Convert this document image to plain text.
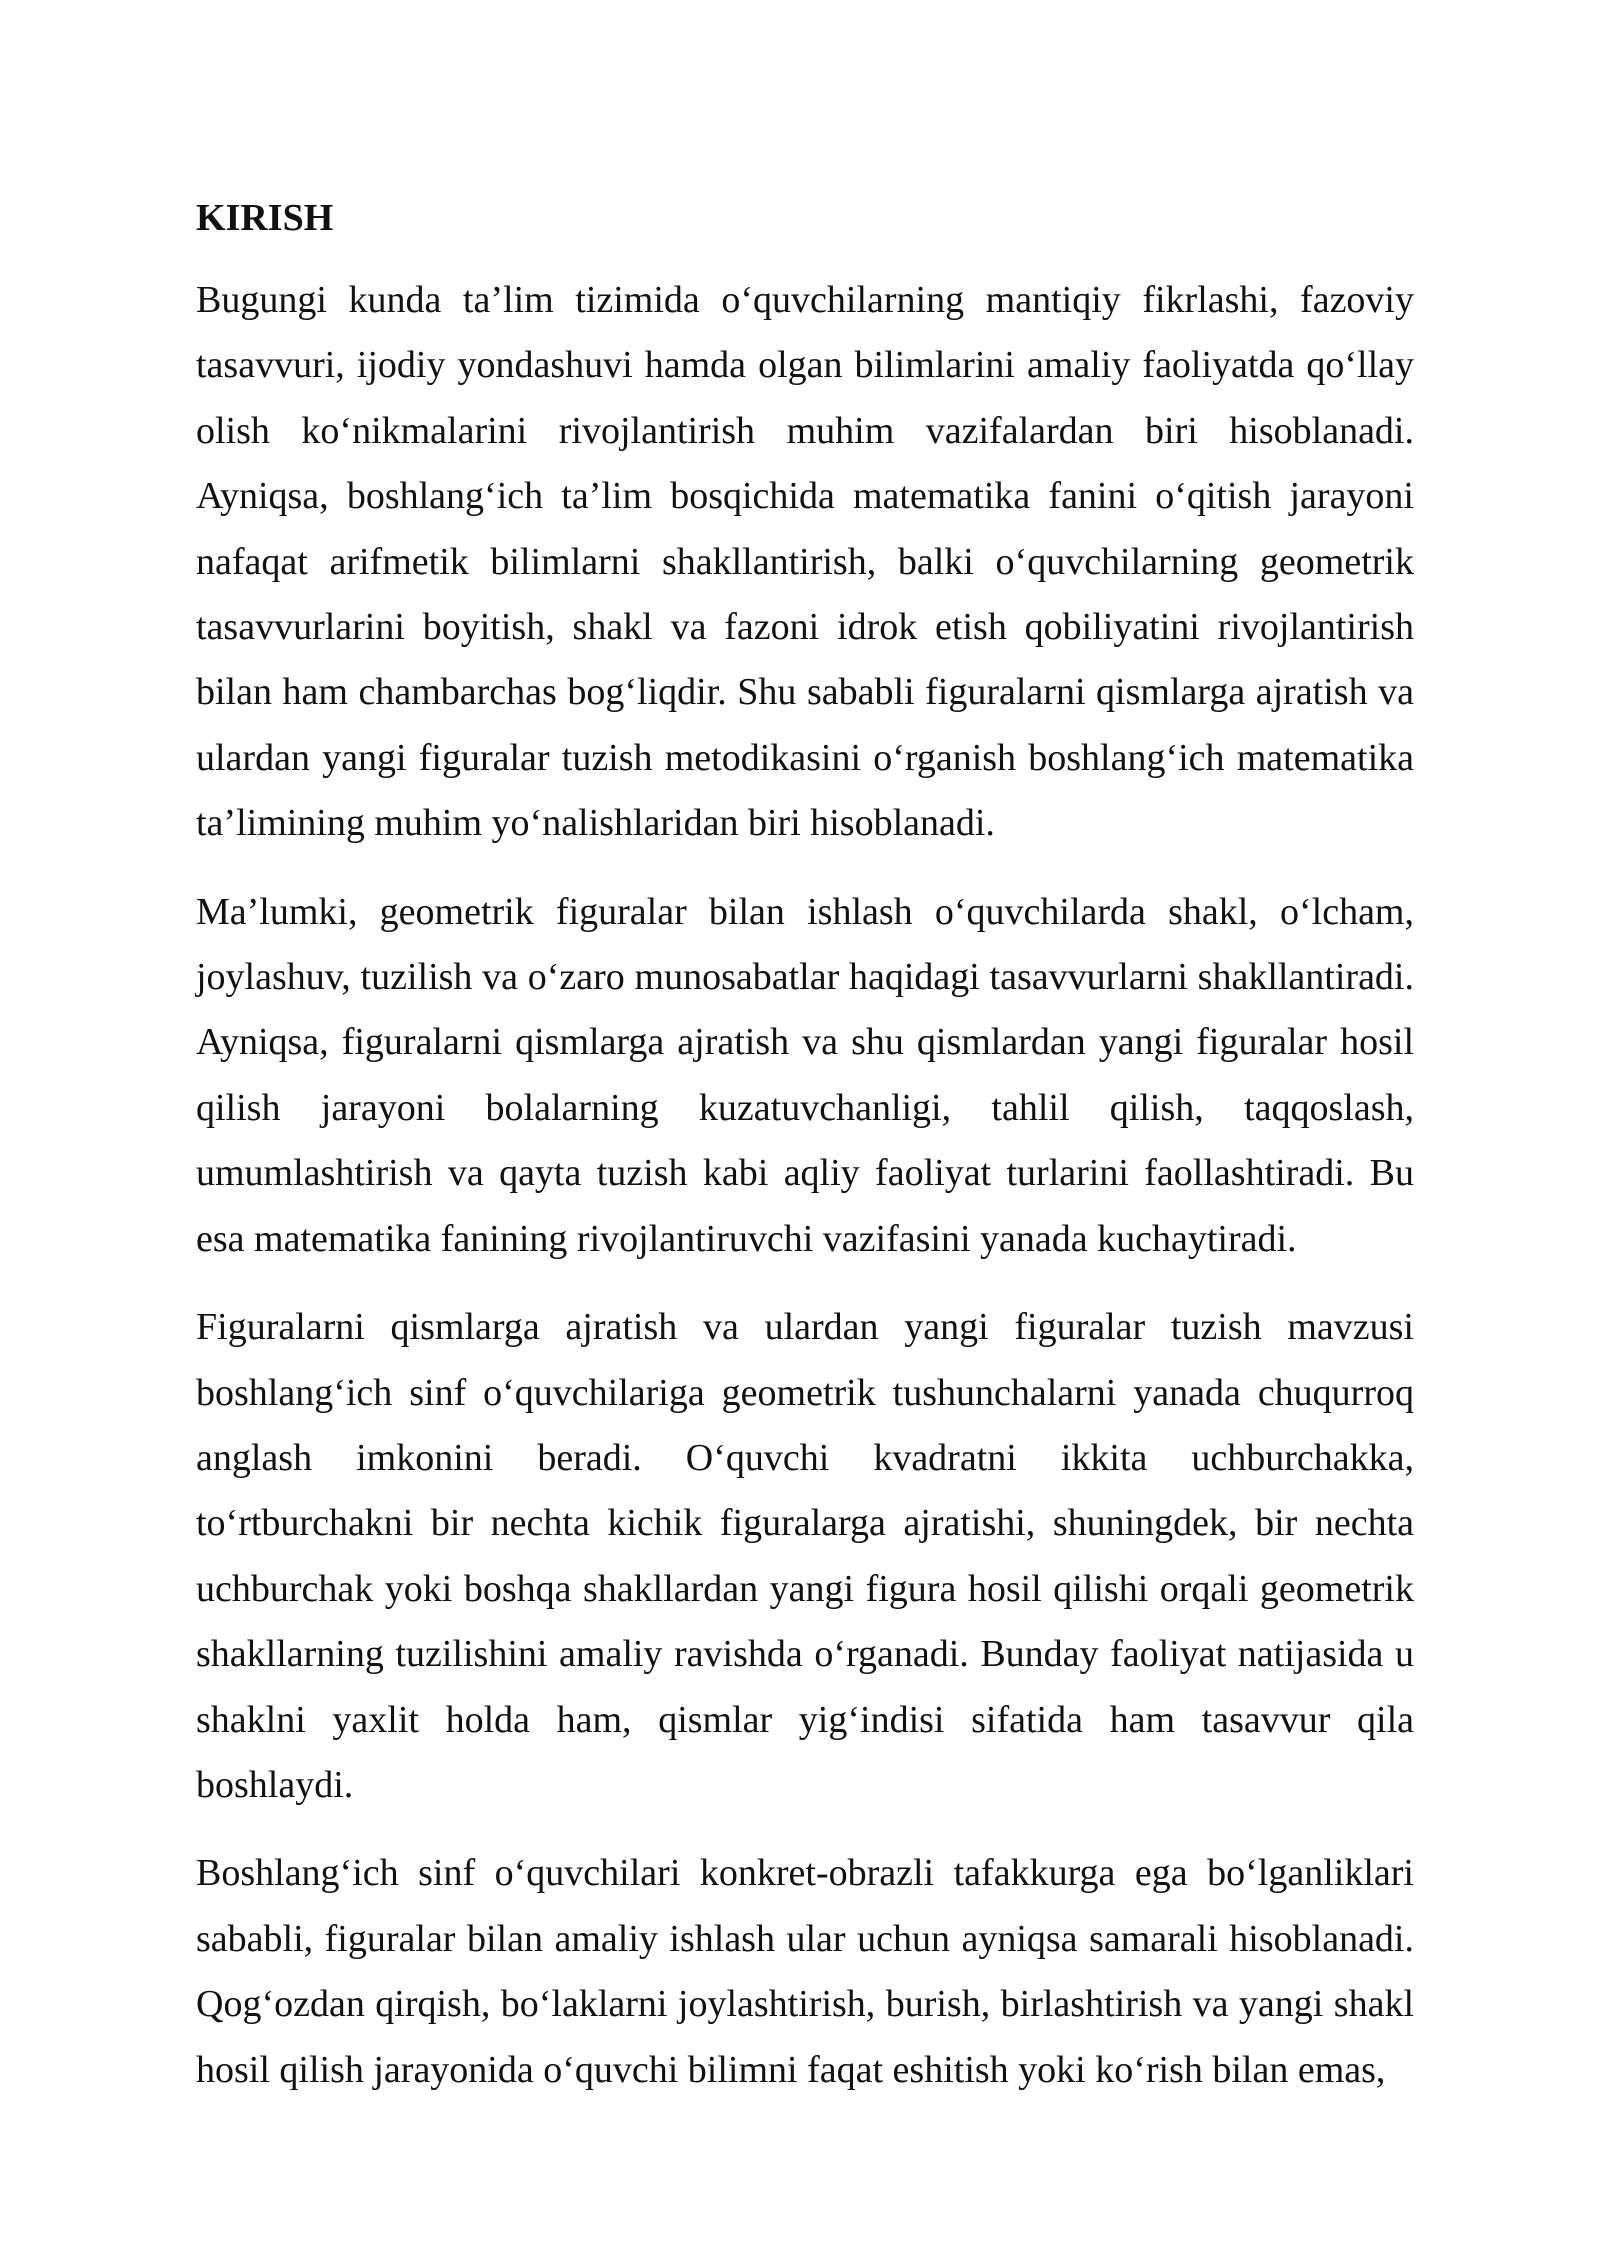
KIRISH

Bugungi kunda ta’lim tizimida o‘quvchilarning mantiqiy fikrlashi, fazoviy tasavvuri, ijodiy yondashuvi hamda olgan bilimlarini amaliy faoliyatda qo‘llay olish ko‘nikmalarini rivojlantirish muhim vazifalardan biri hisoblanadi. Ayniqsa, boshlang‘ich ta’lim bosqichida matematika fanini o‘qitish jarayoni nafaqat arifmetik bilimlarni shakllantirish, balki o‘quvchilarning geometrik tasavvurlarini boyitish, shakl va fazoni idrok etish qobiliyatini rivojlantirish bilan ham chambarchas bog‘liqdir. Shu sababli figuralarni qismlarga ajratish va ulardan yangi figuralar tuzish metodikasini o‘rganish boshlang‘ich matematika ta’limining muhim yo‘nalishlaridan biri hisoblanadi.

Ma’lumki, geometrik figuralar bilan ishlash o‘quvchilarda shakl, o‘lcham, joylashuv, tuzilish va o‘zaro munosabatlar haqidagi tasavvurlarni shakllantiradi. Ayniqsa, figuralarni qismlarga ajratish va shu qismlardan yangi figuralar hosil qilish jarayoni bolalarning kuzatuvchanligi, tahlil qilish, taqqoslash, umumlashtirish va qayta tuzish kabi aqliy faoliyat turlarini faollashtiradi. Bu esa matematika fanining rivojlantiruvchi vazifasini yanada kuchaytiradi.

Figuralarni qismlarga ajratish va ulardan yangi figuralar tuzish mavzusi boshlang‘ich sinf o‘quvchilariga geometrik tushunchalarni yanada chuqurroq anglash imkonini beradi. O‘quvchi kvadratni ikkita uchburchakka, to‘rtburchakni bir nechta kichik figuralarga ajratishi, shuningdek, bir nechta uchburchak yoki boshqa shakllardan yangi figura hosil qilishi orqali geometrik shakllarning tuzilishini amaliy ravishda o‘rganadi. Bunday faoliyat natijasida u shaklni yaxlit holda ham, qismlar yig‘indisi sifatida ham tasavvur qila boshlaydi.

Boshlang‘ich sinf o‘quvchilari konkret-obrazli tafakkurga ega bo‘lganliklari sababli, figuralar bilan amaliy ishlash ular uchun ayniqsa samarali hisoblanadi. Qog‘ozdan qirqish, bo‘laklarni joylashtirish, burish, birlashtirish va yangi shakl hosil qilish jarayonida o‘quvchi bilimni faqat eshitish yoki ko‘rish bilan emas,
